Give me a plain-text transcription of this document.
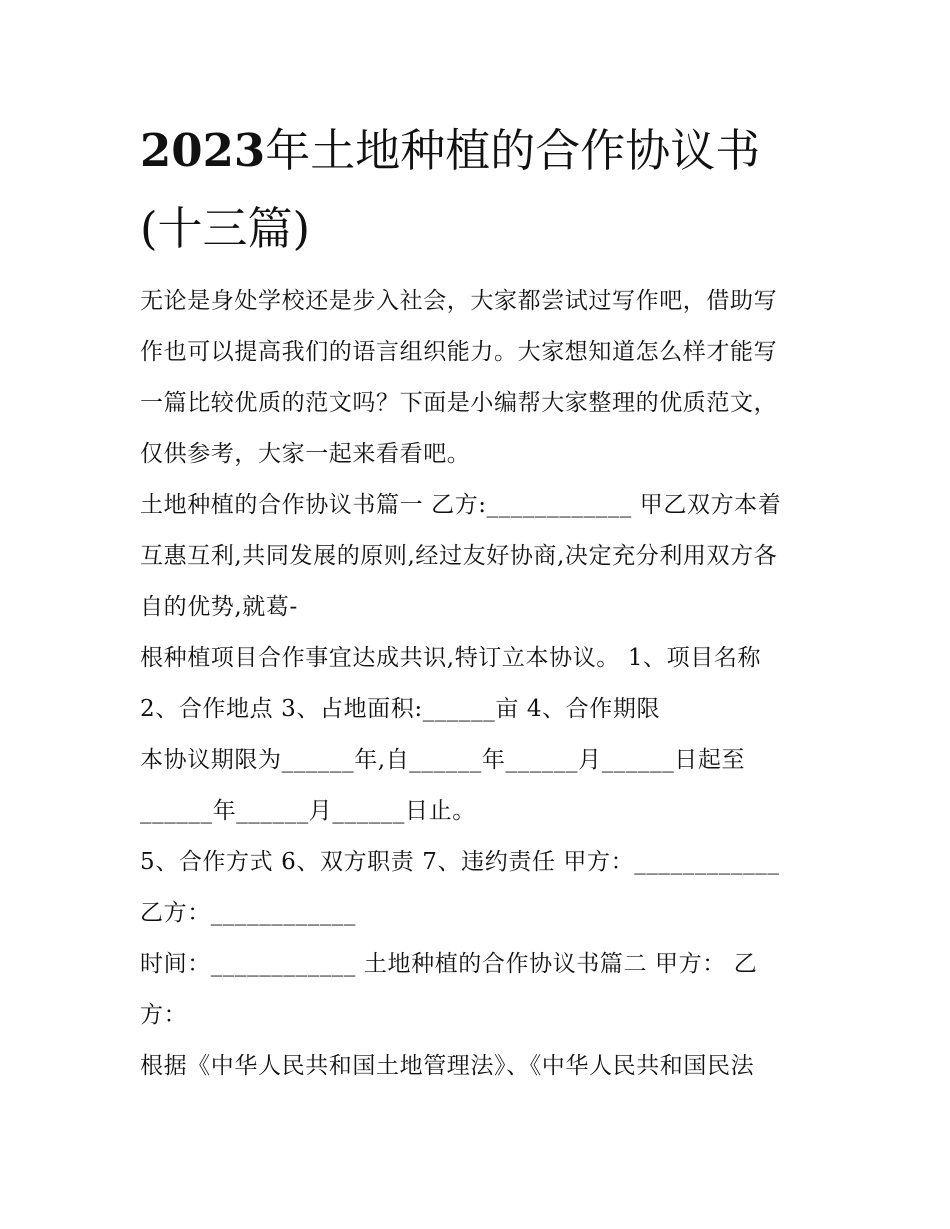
2023年土地种植的合作协议书
(十三篇)
无论是身处学校还是步入社会，大家都尝试过写作吧，借助写
作也可以提高我们的语言组织能力。大家想知道怎么样才能写
一篇比较优质的范文吗？下面是小编帮大家整理的优质范文，
仅供参考，大家一起来看看吧。
土地种植的合作协议书篇一 乙方:____________ 甲乙双方本着
互惠互利,共同发展的原则,经过友好协商,决定充分利用双方各
自的优势,就葛-
根种植项目合作事宜达成共识,特订立本协议。 1、项目名称
2、合作地点 3、占地面积:______亩 4、合作期限
本协议期限为______年,自______年______月______日起至
______年______月______日止。
5、合作方式 6、双方职责 7、违约责任 甲方：____________
乙方：____________
时间：____________ 土地种植的合作协议书篇二 甲方： 乙
方：
根据《中华人民共和国土地管理法》、《中华人民共和国民法
